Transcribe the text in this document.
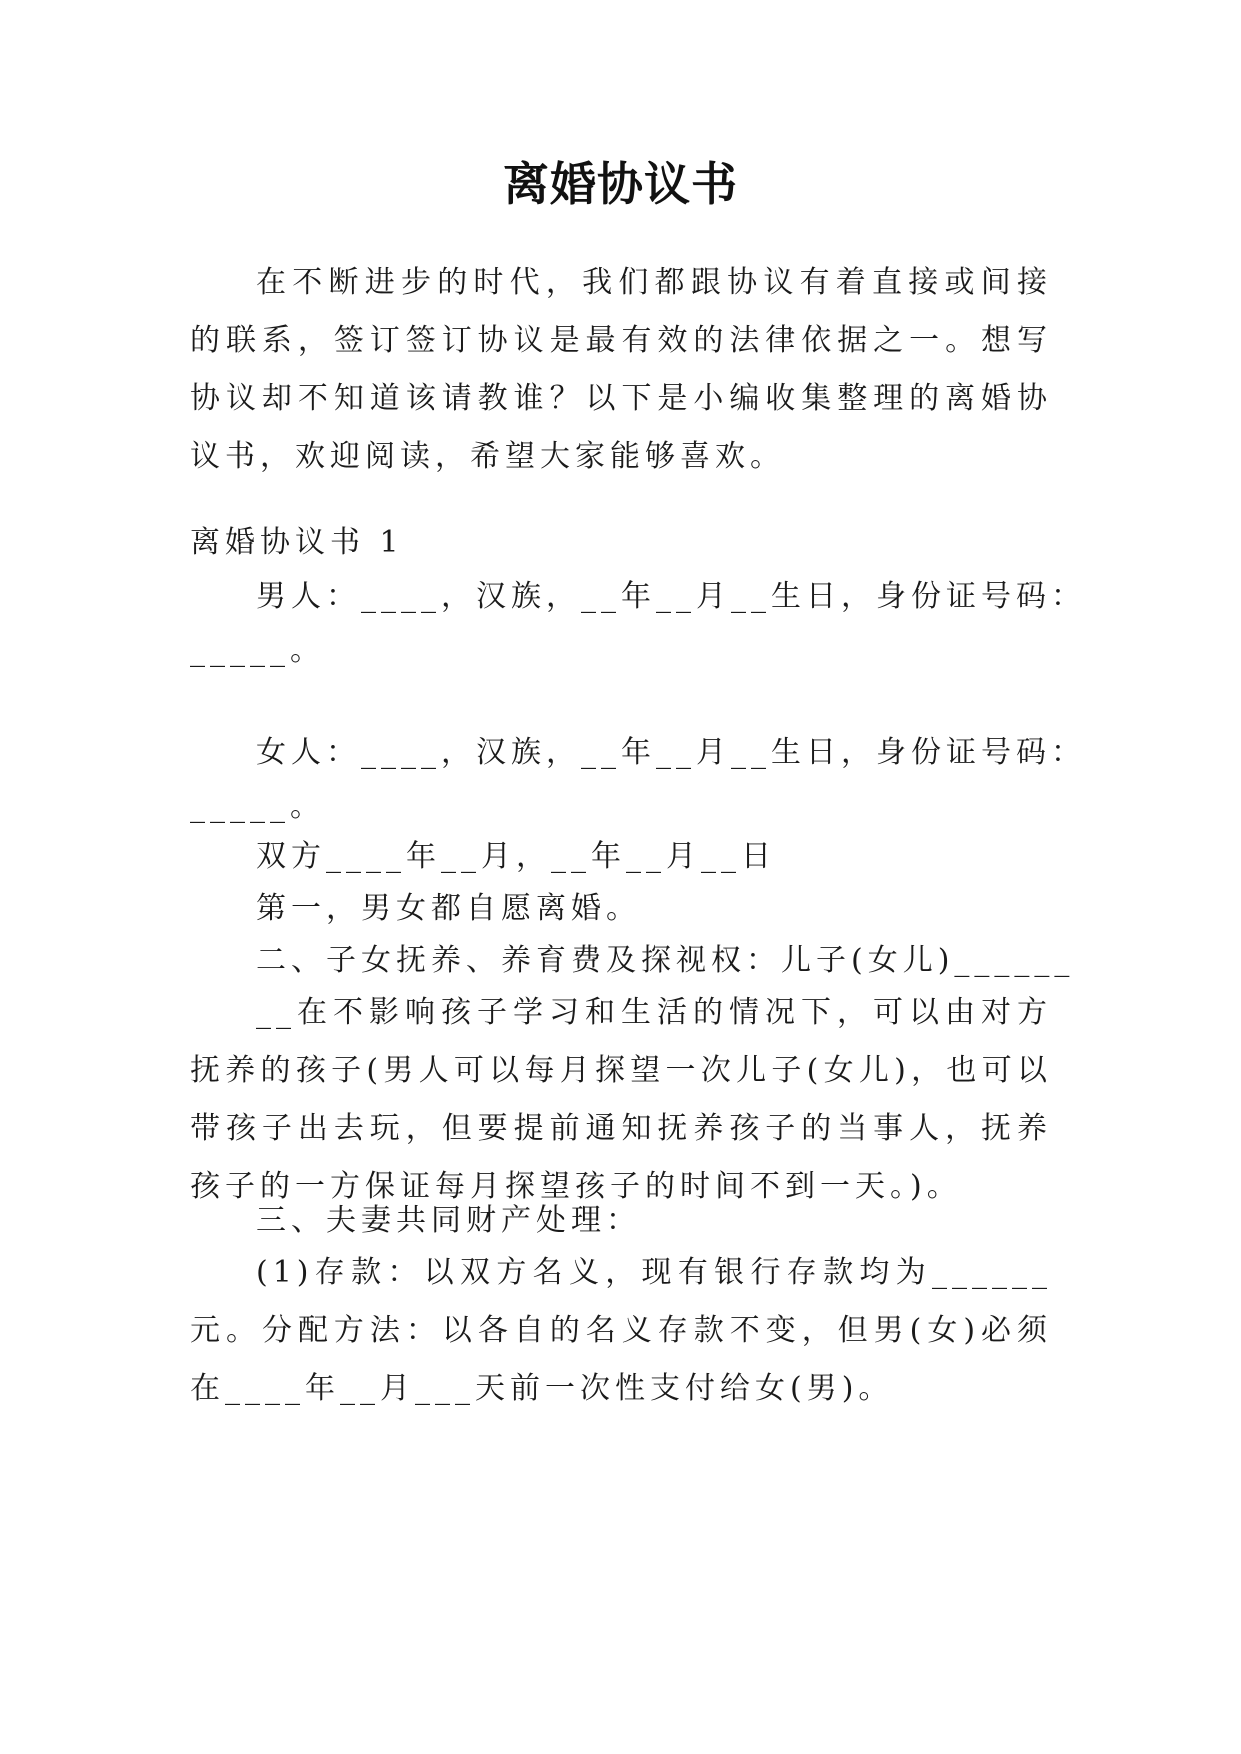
离婚协议书

在不断进步的时代，我们都跟协议有着直接或间接的联系，签订签订协议是最有效的法律依据之一。想写协议却不知道该请教谁？以下是小编收集整理的离婚协议书，欢迎阅读，希望大家能够喜欢。

离婚协议书 1

男人：____，汉族，__年__月__生日，身份证号码：

_____。

女人：____，汉族，__年__月__生日，身份证号码：

_____。

双方____年__月，__年__月__日

第一，男女都自愿离婚。

二、子女抚养、养育费及探视权：儿子(女儿)______

__在不影响孩子学习和生活的情况下，可以由对方抚养的孩子(男人可以每月探望一次儿子(女儿)，也可以带孩子出去玩，但要提前通知抚养孩子的当事人，抚养孩子的一方保证每月探望孩子的时间不到一天。)。

三、夫妻共同财产处理：

(1)存款：以双方名义，现有银行存款均为______元。分配方法：以各自的名义存款不变，但男(女)必须在____年__月___天前一次性支付给女(男)。
